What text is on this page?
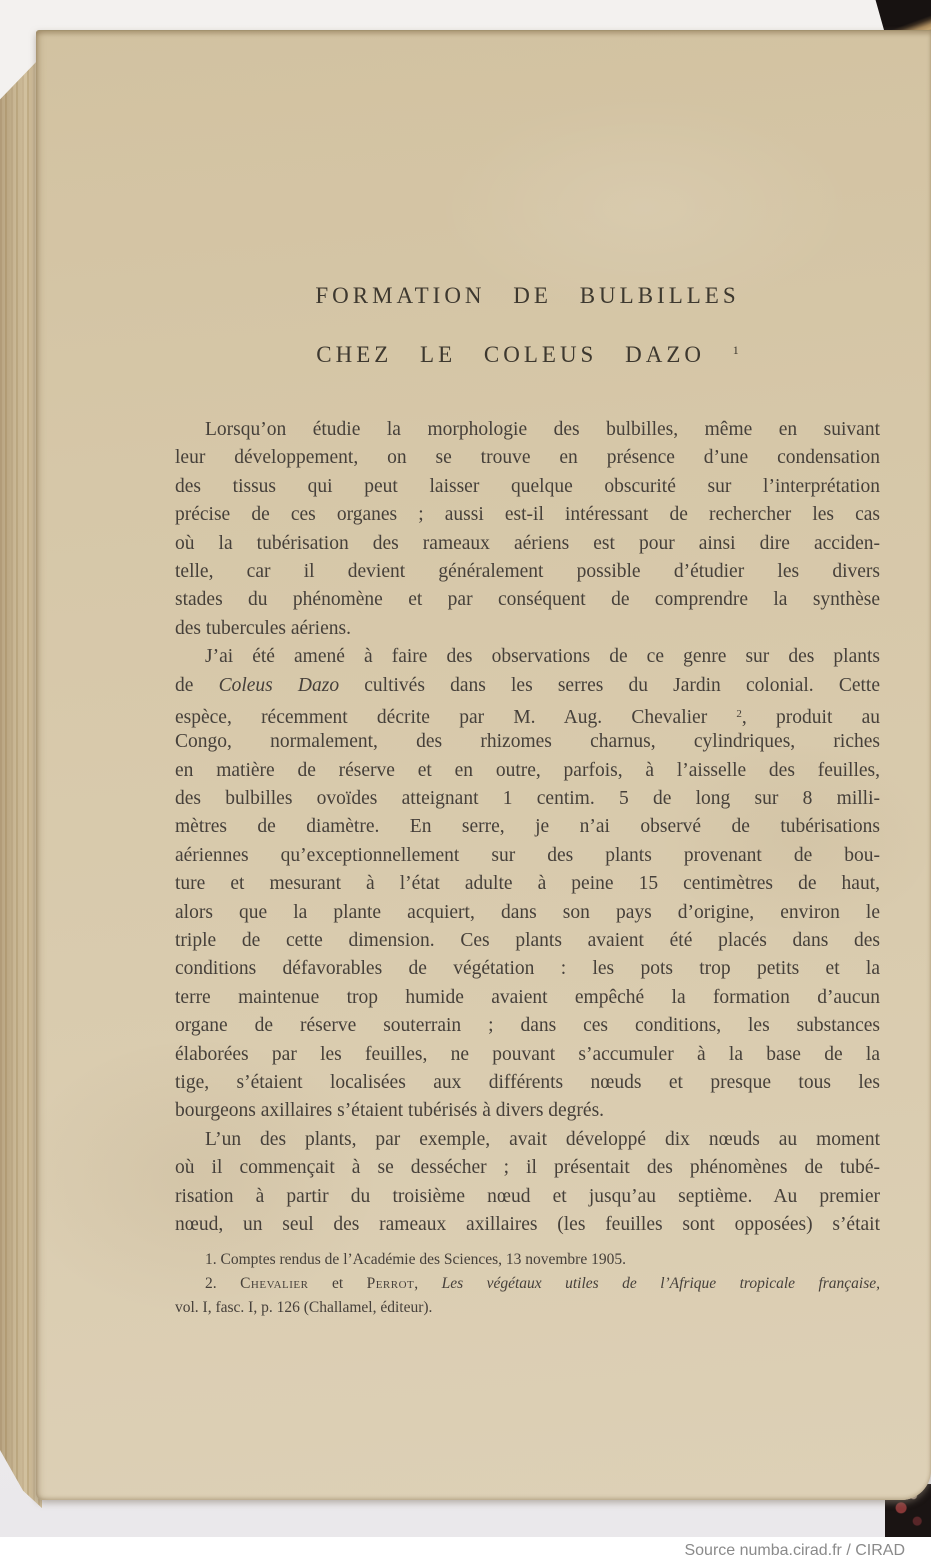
FORMATION DE BULBILLES
CHEZ LE COLEUS DAZO $^1$
Lorsqu’on étudie la morphologie des bulbilles, même en suivant
leur développement, on se trouve en présence d’une condensation
des tissus qui peut laisser quelque obscurité sur l’interprétation
précise de ces organes ; aussi est-il intéressant de rechercher les cas
où la tubérisation des rameaux aériens est pour ainsi dire acciden-
telle, car il devient généralement possible d’étudier les divers
stades du phénomène et par conséquent de comprendre la synthèse
des tubercules aériens.
J’ai été amené à faire des observations de ce genre sur des plants
de Coleus Dazo cultivés dans les serres du Jardin colonial. Cette
espèce, récemment décrite par M. Aug. Chevalier $^2$, produit au
Congo, normalement, des rhizomes charnus, cylindriques, riches
en matière de réserve et en outre, parfois, à l’aisselle des feuilles,
des bulbilles ovoïdes atteignant 1 centim. 5 de long sur 8 milli-
mètres de diamètre. En serre, je n’ai observé de tubérisations
aériennes qu’exceptionnellement sur des plants provenant de bou-
ture et mesurant à l’état adulte à peine 15 centimètres de haut,
alors que la plante acquiert, dans son pays d’origine, environ le
triple de cette dimension. Ces plants avaient été placés dans des
conditions défavorables de végétation : les pots trop petits et la
terre maintenue trop humide avaient empêché la formation d’aucun
organe de réserve souterrain ; dans ces conditions, les substances
élaborées par les feuilles, ne pouvant s’accumuler à la base de la
tige, s’étaient localisées aux différents nœuds et presque tous les
bourgeons axillaires s’étaient tubérisés à divers degrés.
L’un des plants, par exemple, avait développé dix nœuds au moment
où il commençait à se dessécher ; il présentait des phénomènes de tubé-
risation à partir du troisième nœud et jusqu’au septième. Au premier
nœud, un seul des rameaux axillaires (les feuilles sont opposées) s’était
1. Comptes rendus de l’Académie des Sciences, 13 novembre 1905.
2. Chevalier et Perrot, Les végétaux utiles de l’Afrique tropicale française,
vol. I, fasc. I, p. 126 (Challamel, éditeur).
Source numba.cirad.fr / CIRAD
